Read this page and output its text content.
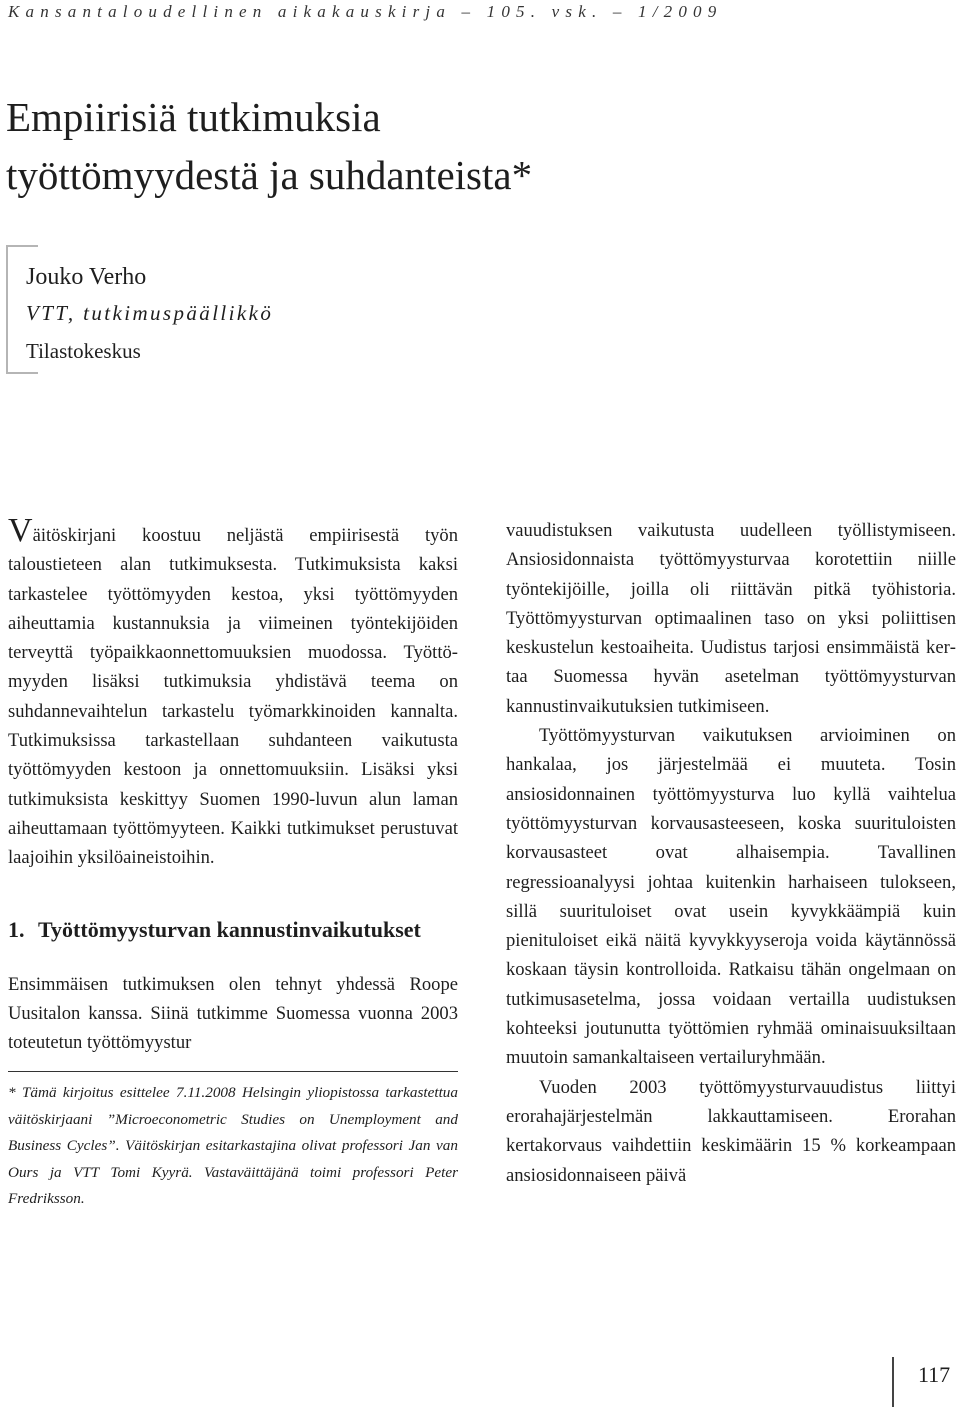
Kansantaloudellinen aikakauskirja – 105. vsk. – 1/2009
Empiirisiä tutkimuksia
työttömyydestä ja suhdanteista*
Jouko Verho
VTT, tutkimuspäällikkö
Tilastokeskus

Väitöskirjani koostuu neljästä empiirisestä työn taloustieteen alan tutkimuksesta. Tutkimuksista kaksi tarkastelee työttömyyden kestoa, yksi työttömyyden aiheuttamia kustannuksia ja viimeinen työntekijöiden terveyttä työpaikkaonnettomuuksien muodossa. Työttömyyden lisäksi tutkimuksia yhdistävä teema on suhdannevaihtelun tarkastelu työmarkkinoiden kannalta. Tutkimuksissa tarkastellaan suhdanteen vaikutusta työttömyyden kestoon ja onnettomuuksiin. Lisäksi yksi tutkimuksista keskittyy Suomen 1990-luvun alun laman aiheuttamaan työttömyyteen. Kaikki tutkimukset perustuvat laajoihin yksilöaineistoihin.

1. Työttömyysturvan kannustinvaikutukset

Ensimmäisen tutkimuksen olen tehnyt yhdessä Roope Uusitalon kanssa. Siinä tutkimme Suomessa vuonna 2003 toteutetun työttömyystur

* Tämä kirjoitus esittelee 7.11.2008 Helsingin yliopistossa tarkastettua väitöskirjaani ”Microeconometric Studies on Unemployment and Business Cycles”. Väitöskirjan esitarkastajina olivat professori Jan van Ours ja VTT Tomi Kyyrä. Vastaväittäjänä toimi professori Peter Fredriksson.

vauudistuksen vaikutusta uudelleen työllistymiseen. Ansiosidonnaista työttömyysturvaa korotettiin niille työntekijöille, joilla oli riittävän pitkä työhistoria. Työttömyysturvan optimaalinen taso on yksi poliittisen keskustelun kestoaiheita. Uudistus tarjosi ensimmäistä kertaa Suomessa hyvän asetelman työttömyysturvan kannustinvaikutuksien tutkimiseen.

Työttömyysturvan vaikutuksen arvioiminen on hankalaa, jos järjestelmää ei muuteta. Tosin ansiosidonnainen työttömyysturva luo kyllä vaihtelua työttömyysturvan korvausasteeseen, koska suurituloisten korvausasteet ovat alhaisempia. Tavallinen regressioanalyysi johtaa kuitenkin harhaiseen tulokseen, sillä suurituloiset ovat usein kyvykkäämpiä kuin pienituloiset eikä näitä kyvykkyyseroja voida käytännössä koskaan täysin kontrolloida. Ratkaisu tähän ongelmaan on tutkimusasetelma, jossa voidaan vertailla uudistuksen kohteeksi joutunutta työttömien ryhmää ominaisuuksiltaan muutoin samankaltaiseen vertailuryhmään.

Vuoden 2003 työttömyysturvauudistus liittyi erorahajärjestelmän lakkauttamiseen. Erorahan kertakorvaus vaihdettiin keskimäärin 15 % korkeampaan ansiosidonnaiseen päivä

117
